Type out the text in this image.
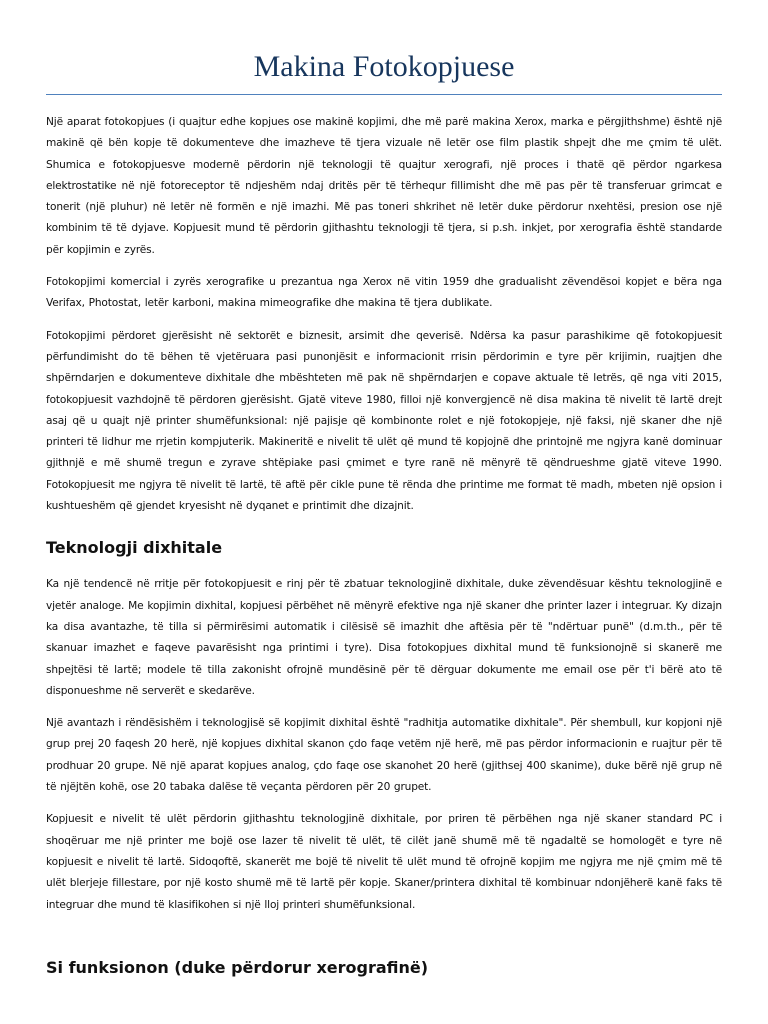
Makina Fotokopjuese

Një aparat fotokopjues (i quajtur edhe kopjues ose makinë kopjimi, dhe më parë makina Xerox, marka e përgjithshme) është një makinë që bën kopje të dokumenteve dhe imazheve të tjera vizuale në letër ose film plastik shpejt dhe me çmim të ulët. Shumica e fotokopjuesve modernë përdorin një teknologji të quajtur xerografi, një proces i thatë që përdor ngarkesa elektrostatike në një fotoreceptor të ndjeshëm ndaj dritës për të tërhequr fillimisht dhe më pas për të transferuar grimcat e tonerit (një pluhur) në letër në formën e një imazhi. Më pas toneri shkrihet në letër duke përdorur nxehtësi, presion ose një kombinim të të dyjave. Kopjuesit mund të përdorin gjithashtu teknologji të tjera, si p.sh. inkjet, por xerografia është standarde për kopjimin e zyrës.

Fotokopjimi komercial i zyrës xerografike u prezantua nga Xerox në vitin 1959 dhe gradualisht zëvendësoi kopjet e bëra nga Verifax, Photostat, letër karboni, makina mimeografike dhe makina të tjera dublikate.

Fotokopjimi përdoret gjerësisht në sektorët e biznesit, arsimit dhe qeverisë. Ndërsa ka pasur parashikime që fotokopjuesit përfundimisht do të bëhen të vjetëruara pasi punonjësit e informacionit rrisin përdorimin e tyre për krijimin, ruajtjen dhe shpërndarjen e dokumenteve dixhitale dhe mbështeten më pak në shpërndarjen e copave aktuale të letrës, që nga viti 2015, fotokopjuesit vazhdojnë të përdoren gjerësisht. Gjatë viteve 1980, filloi një konvergjencë në disa makina të nivelit të lartë drejt asaj që u quajt një printer shumëfunksional: një pajisje që kombinonte rolet e një fotokopjeje, një faksi, një skaner dhe një printeri të lidhur me rrjetin kompjuterik. Makineritë e nivelit të ulët që mund të kopjojnë dhe printojnë me ngjyra kanë dominuar gjithnjë e më shumë tregun e zyrave shtëpiake pasi çmimet e tyre ranë në mënyrë të qëndrueshme gjatë viteve 1990. Fotokopjuesit me ngjyra të nivelit të lartë, të aftë për cikle pune të rënda dhe printime me format të madh, mbeten një opsion i kushtueshëm që gjendet kryesisht në dyqanet e printimit dhe dizajnit.

Teknologji dixhitale

Ka një tendencë në rritje për fotokopjuesit e rinj për të zbatuar teknologjinë dixhitale, duke zëvendësuar kështu teknologjinë e vjetër analoge. Me kopjimin dixhital, kopjuesi përbëhet në mënyrë efektive nga një skaner dhe printer lazer i integruar. Ky dizajn ka disa avantazhe, të tilla si përmirësimi automatik i cilësisë së imazhit dhe aftësia për të "ndërtuar punë" (d.m.th., për të skanuar imazhet e faqeve pavarësisht nga printimi i tyre). Disa fotokopjues dixhital mund të funksionojnë si skanerë me shpejtësi të lartë; modele të tilla zakonisht ofrojnë mundësinë për të dërguar dokumente me email ose për t'i bërë ato të disponueshme në serverët e skedarëve.

Një avantazh i rëndësishëm i teknologjisë së kopjimit dixhital është "radhitja automatike dixhitale". Për shembull, kur kopjoni një grup prej 20 faqesh 20 herë, një kopjues dixhital skanon çdo faqe vetëm një herë, më pas përdor informacionin e ruajtur për të prodhuar 20 grupe. Në një aparat kopjues analog, çdo faqe ose skanohet 20 herë (gjithsej 400 skanime), duke bërë një grup në të njëjtën kohë, ose 20 tabaka dalëse të veçanta përdoren për 20 grupet.

Kopjuesit e nivelit të ulët përdorin gjithashtu teknologjinë dixhitale, por priren të përbëhen nga një skaner standard PC i shoqëruar me një printer me bojë ose lazer të nivelit të ulët, të cilët janë shumë më të ngadaltë se homologët e tyre në kopjuesit e nivelit të lartë. Sidoqoftë, skanerët me bojë të nivelit të ulët mund të ofrojnë kopjim me ngjyra me një çmim më të ulët blerjeje fillestare, por një kosto shumë më të lartë për kopje. Skaner/printera dixhital të kombinuar ndonjëherë kanë faks të integruar dhe mund të klasifikohen si një lloj printeri shumëfunksional.

Si funksionon (duke përdorur xerografinë)
